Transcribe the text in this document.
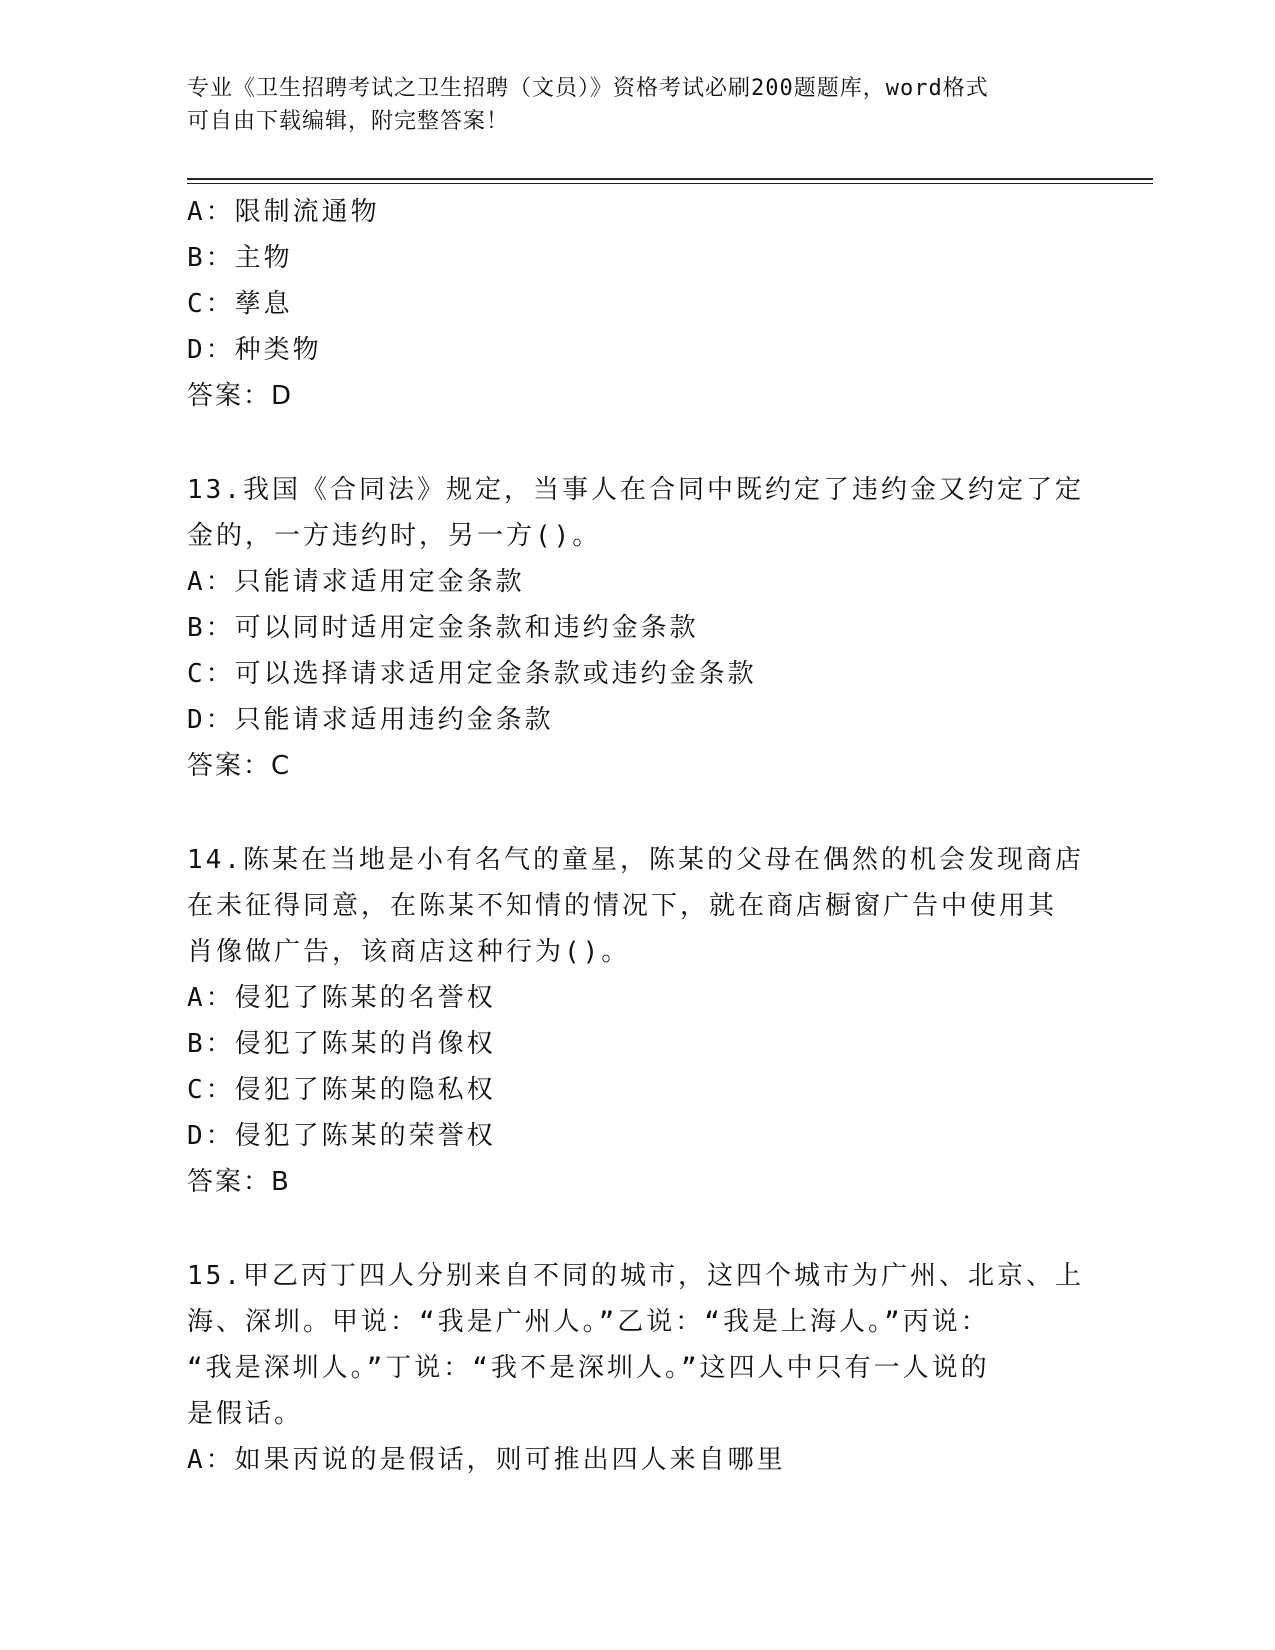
专业《卫生招聘考试之卫生招聘（文员）》资格考试必刷200题题库，word格式
可自由下载编辑，附完整答案！
A：限制流通物
B：主物
C：孳息
D：种类物
答案：D
13.我国《合同法》规定，当事人在合同中既约定了违约金又约定了定
金的，一方违约时，另一方()。
A：只能请求适用定金条款
B：可以同时适用定金条款和违约金条款
C：可以选择请求适用定金条款或违约金条款
D：只能请求适用违约金条款
答案：C
14.陈某在当地是小有名气的童星，陈某的父母在偶然的机会发现商店
在未征得同意，在陈某不知情的情况下，就在商店橱窗广告中使用其
肖像做广告，该商店这种行为()。
A：侵犯了陈某的名誉权
B：侵犯了陈某的肖像权
C：侵犯了陈某的隐私权
D：侵犯了陈某的荣誉权
答案：B
15.甲乙丙丁四人分别来自不同的城市，这四个城市为广州、北京、上
海、深圳。甲说：“我是广州人。”乙说：“我是上海人。”丙说：
“我是深圳人。”丁说：“我不是深圳人。”这四人中只有一人说的
是假话。
A：如果丙说的是假话，则可推出四人来自哪里
